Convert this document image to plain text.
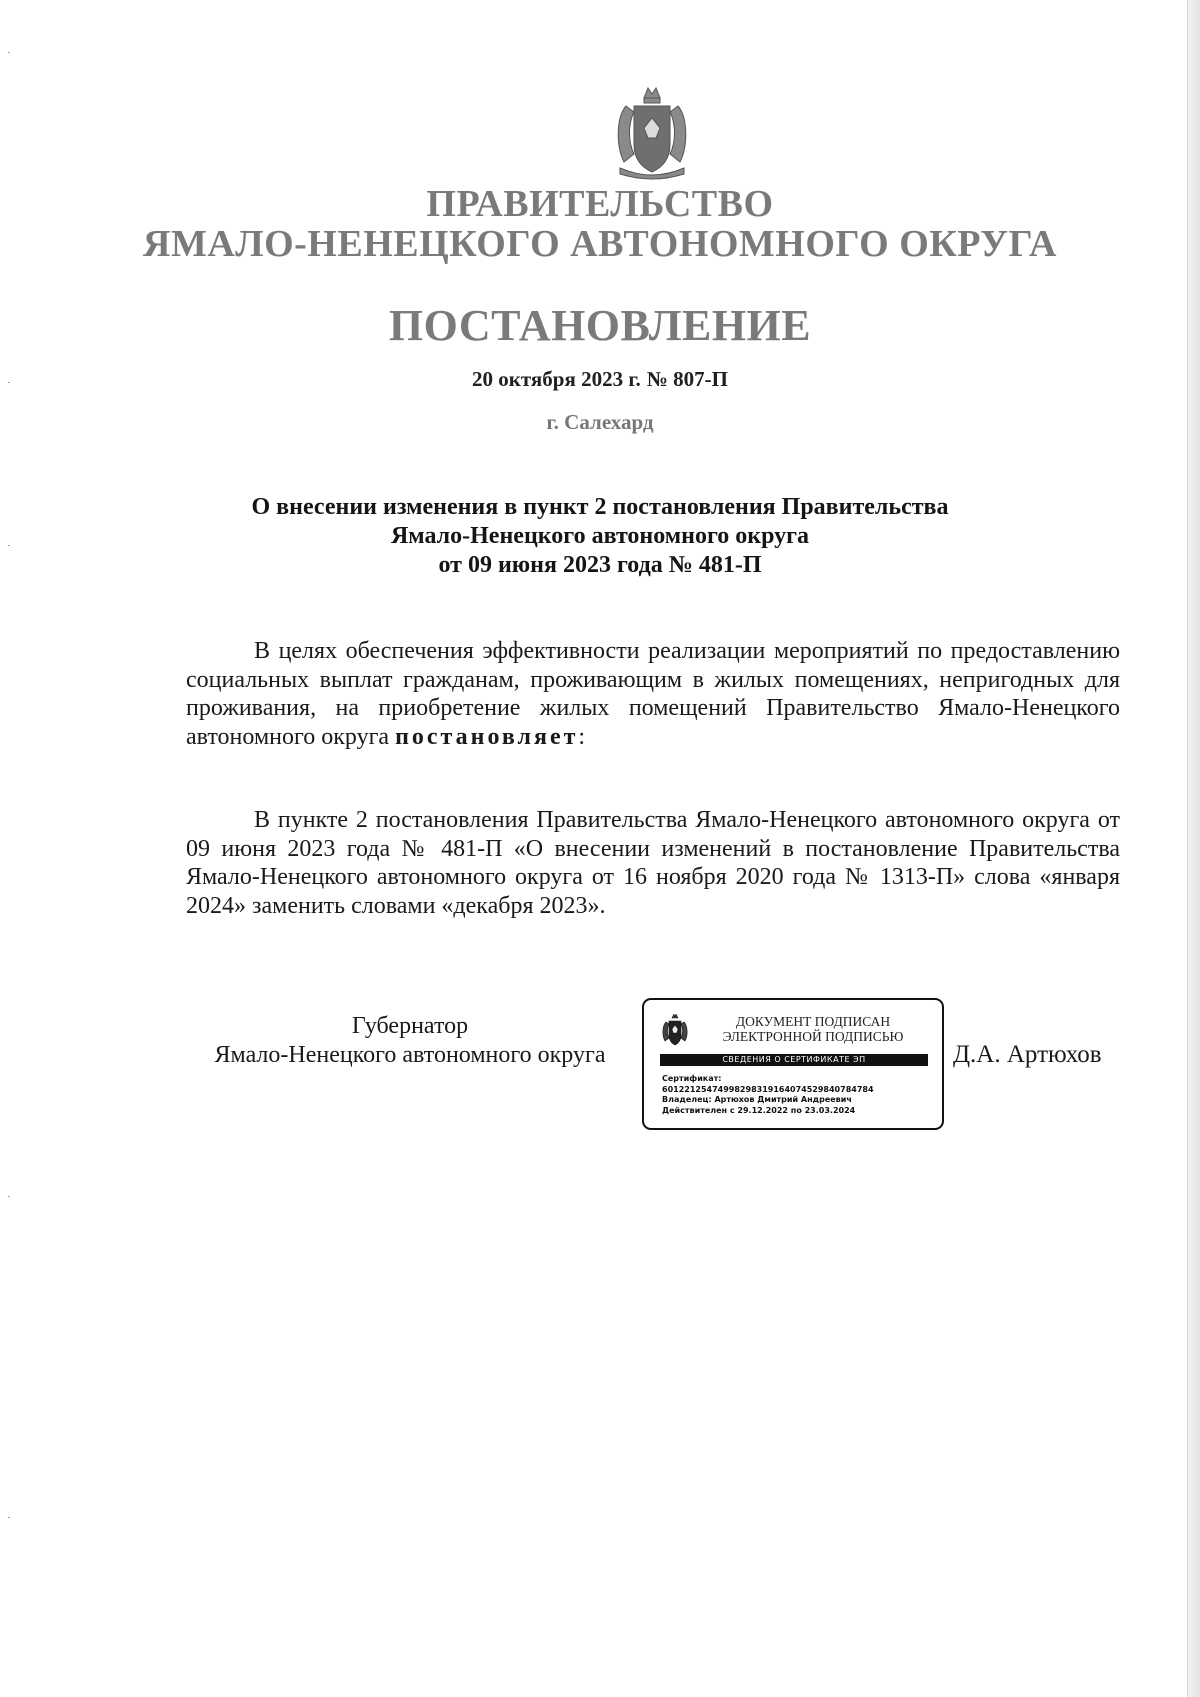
ПРАВИТЕЛЬСТВО
ЯМАЛО-НЕНЕЦКОГО АВТОНОМНОГО ОКРУГА
ПОСТАНОВЛЕНИЕ
20 октября 2023 г. № 807-П
г. Салехард
О внесении изменения в пункт 2 постановления Правительства
Ямало-Ненецкого автономного округа
от 09 июня 2023 года № 481-П
В целях обеспечения эффективности реализации мероприятий по предоставлению социальных выплат гражданам, проживающим в жилых помещениях, непригодных для проживания, на приобретение жилых помещений Правительство Ямало-Ненецкого автономного округа постановляет:
В пункте 2 постановления Правительства Ямало-Ненецкого автономного округа от 09 июня 2023 года № 481-П «О внесении изменений в постановление Правительства Ямало-Ненецкого автономного округа от 16 ноября 2020 года № 1313-П» слова «января 2024» заменить словами «декабря 2023».
Губернатор
Ямало-Ненецкого автономного округа
ДОКУМЕНТ ПОДПИСАН
ЭЛЕКТРОННОЙ ПОДПИСЬЮ
СВЕДЕНИЯ О СЕРТИФИКАТЕ ЭП
Сертификат:
60122125474998298319164074529840784784
Владелец: Артюхов Дмитрий Андреевич
Действителен с 29.12.2022 по 23.03.2024
Д.А. Артюхов
